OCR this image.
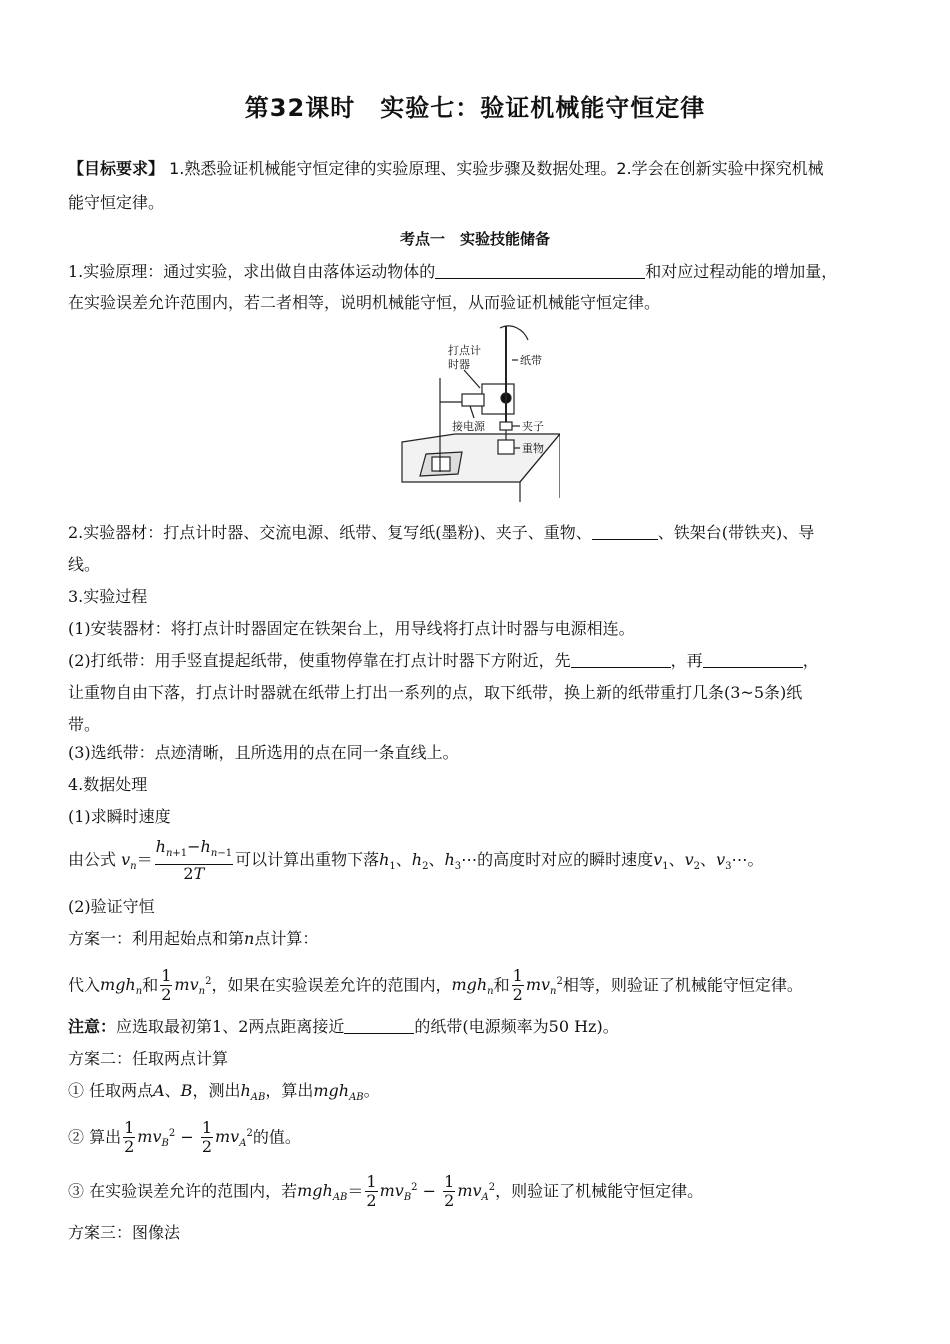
第32课时　实验七：验证机械能守恒定律
【目标要求】 1.熟悉验证机械能守恒定律的实验原理、实验步骤及数据处理。2.学会在创新实验中探究机械
能守恒定律。
考点一　实验技能储备
1.实验原理：通过实验，求出做自由落体运动物体的	和对应过程动能的增加量，
在实验误差允许范围内，若二者相等，说明机械能守恒，从而验证机械能守恒定律。
打点计
时器	纸带
接电源	夹子
重物
2.实验器材：打点计时器、交流电源、纸带、复写纸(墨粉)、夹子、重物、	、铁架台(带铁夹)、导
线。
3.实验过程
(1)安装器材：将打点计时器固定在铁架台上，用导线将打点计时器与电源相连。
(2)打纸带：用手竖直提起纸带，使重物停靠在打点计时器下方附近，先	，再	，
让重物自由下落，打点计时器就在纸带上打出一系列的点，取下纸带，换上新的纸带重打几条(3~5条)纸
带。
(3)选纸带：点迹清晰，且所选用的点在同一条直线上。
4.数据处理
(1)求瞬时速度
由公式 $v_n= \frac{h_{n+1}-h_{n-1}}{2T}$ 可以计算出重物下落$h_1$、$h_2$、$h_3\cdots$的高度时对应的瞬时速度$v_1$、$v_2$、$v_3\cdots$。
(2)验证守恒
方案一：利用起始点和第n点计算：
代入mgh$_n$和 $\frac{1}{2} mv_n^2$，如果在实验误差允许的范围内，mgh$_n$和 $\frac{1}{2} mv_n^2$相等，则验证了机械能守恒定律。
注意：应选取最初第1、2两点距离接近	的纸带(电源频率为50 Hz)。
方案二：任取两点计算
① 任取两点A、B，测出$h_{AB}$，算出mgh$_{AB}$。
② 算出 $\frac{1}{2} mv_B^2 - \frac{1}{2} mv_A^2$的值。
③ 在实验误差允许的范围内，若$mgh_{AB}= \frac{1}{2} mv_B^2 - \frac{1}{2} mv_A^2$，则验证了机械能守恒定律。
方案三：图像法
